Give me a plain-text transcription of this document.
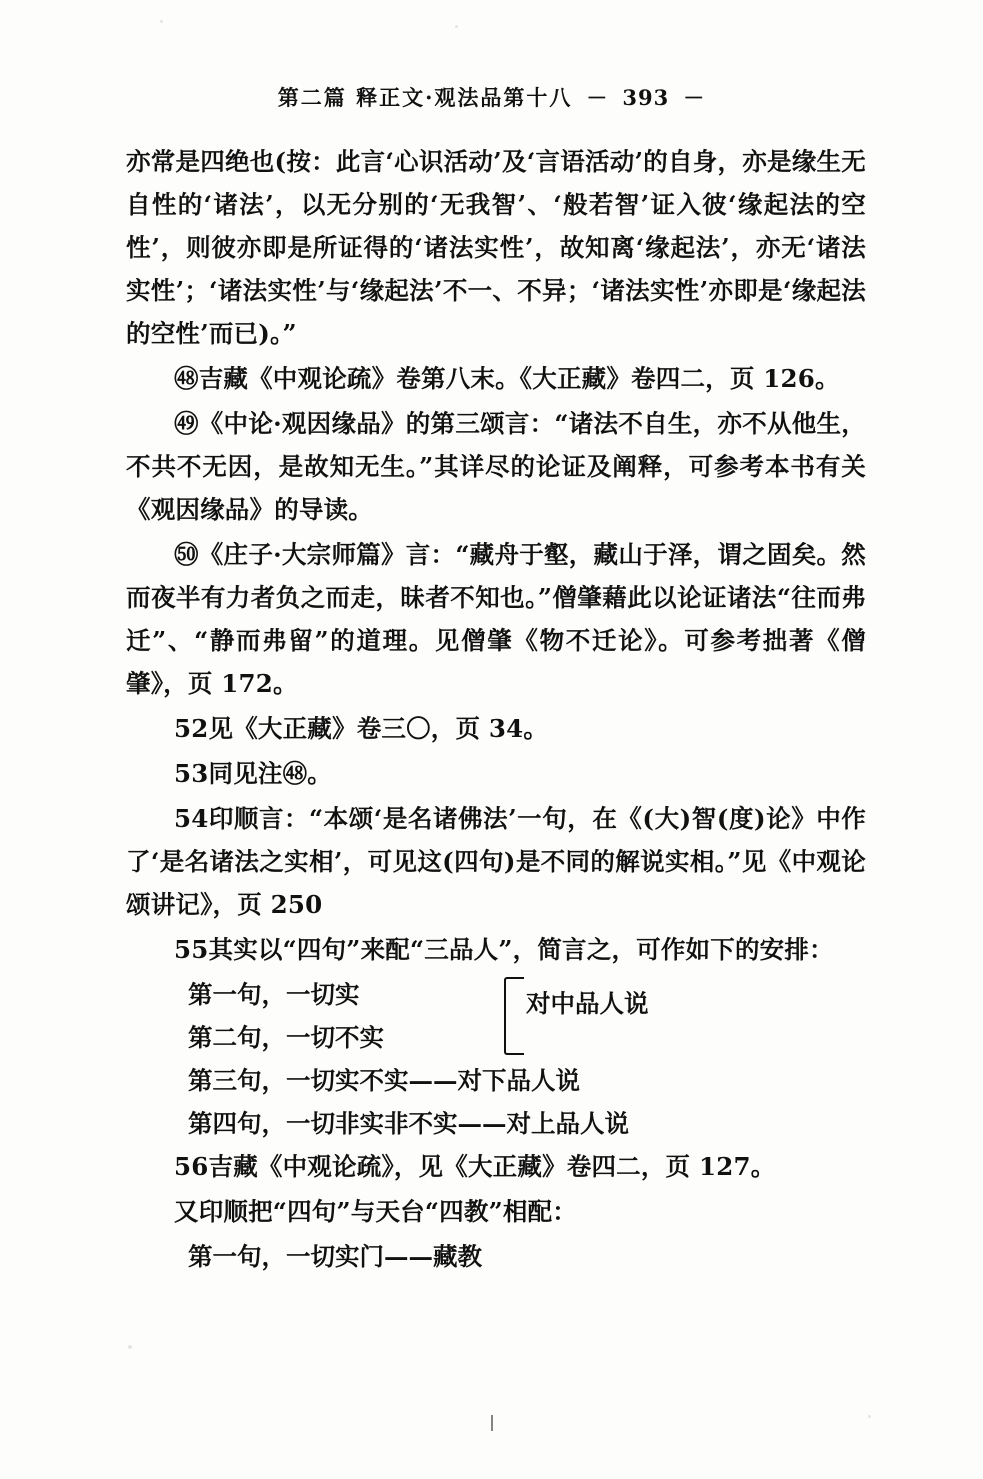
第二篇 释正文·观法品第十八 － 393 －

亦常是四绝也(按：此言‘心识活动’及‘言语活动’的自身，亦是缘生无自性的‘诸法’，以无分别的‘无我智’、‘般若智’证入彼‘缘起法的空性’，则彼亦即是所证得的‘诸法实性’，故知离‘缘起法’，亦无‘诸法实性’；‘诸法实性’与‘缘起法’不一、不异；‘诸法实性’亦即是‘缘起法的空性’而已)。”

㊽吉藏《中观论疏》卷第八末。《大正藏》卷四二，页 126。

㊾《中论·观因缘品》的第三颂言：“诸法不自生，亦不从他生，不共不无因，是故知无生。”其详尽的论证及阐释，可参考本书有关《观因缘品》的导读。

㊿《庄子·大宗师篇》言：“藏舟于壑，藏山于泽，谓之固矣。然而夜半有力者负之而走，昧者不知也。”僧肇藉此以论证诸法“往而弗迁”、“静而弗留”的道理。见僧肇《物不迁论》。可参考拙著《僧肇》，页 172。

52见《大正藏》卷三〇，页 34。

53同见注㊽。

54印顺言：“本颂‘是名诸佛法’一句，在《(大)智(度)论》中作了‘是名诸法之实相’，可见这(四句)是不同的解说实相。”见《中观论颂讲记》，页 250

55其实以“四句”来配“三品人”，简言之，可作如下的安排：

第一句，一切实
第二句，一切不实
对中品人说
第三句，一切实不实——对下品人说
第四句，一切非实非不实——对上品人说

56吉藏《中观论疏》，见《大正藏》卷四二，页 127。

又印顺把“四句”与天台“四教”相配：

第一句，一切实门——藏教
